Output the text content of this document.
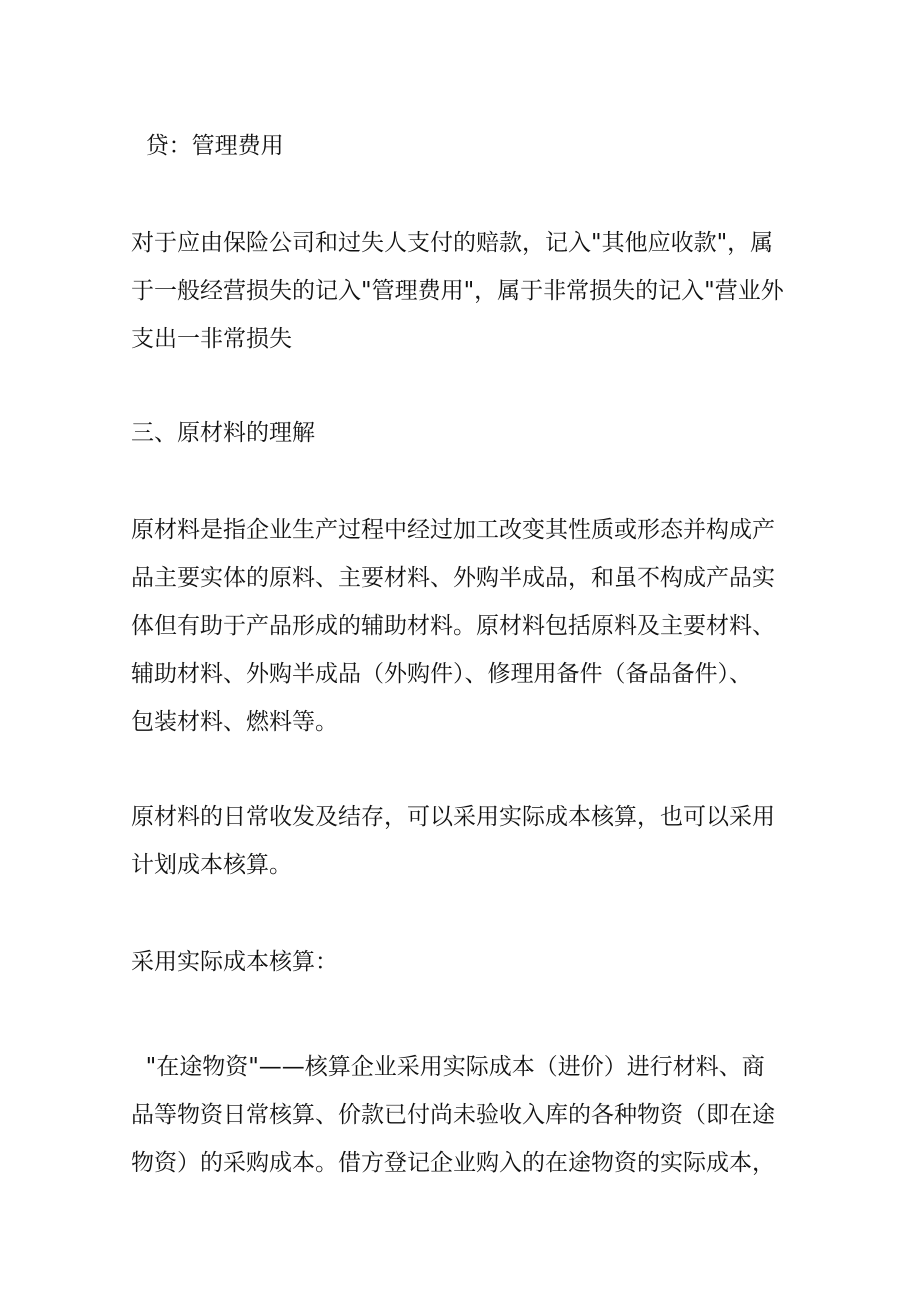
贷：管理费用

对于应由保险公司和过失人支付的赔款，记入"其他应收款"，属
于一般经营损失的记入"管理费用"，属于非常损失的记入"营业外
支出一非常损失

三、原材料的理解

原材料是指企业生产过程中经过加工改变其性质或形态并构成产
品主要实体的原料、主要材料、外购半成品，和虽不构成产品实
体但有助于产品形成的辅助材料。原材料包括原料及主要材料、
辅助材料、外购半成品（外购件）、修理用备件（备品备件）、
包装材料、燃料等。

原材料的日常收发及结存，可以采用实际成本核算，也可以采用
计划成本核算。

采用实际成本核算：

"在途物资"——核算企业采用实际成本（进价）进行材料、商
品等物资日常核算、价款已付尚未验收入库的各种物资（即在途
物资）的采购成本。借方登记企业购入的在途物资的实际成本，
